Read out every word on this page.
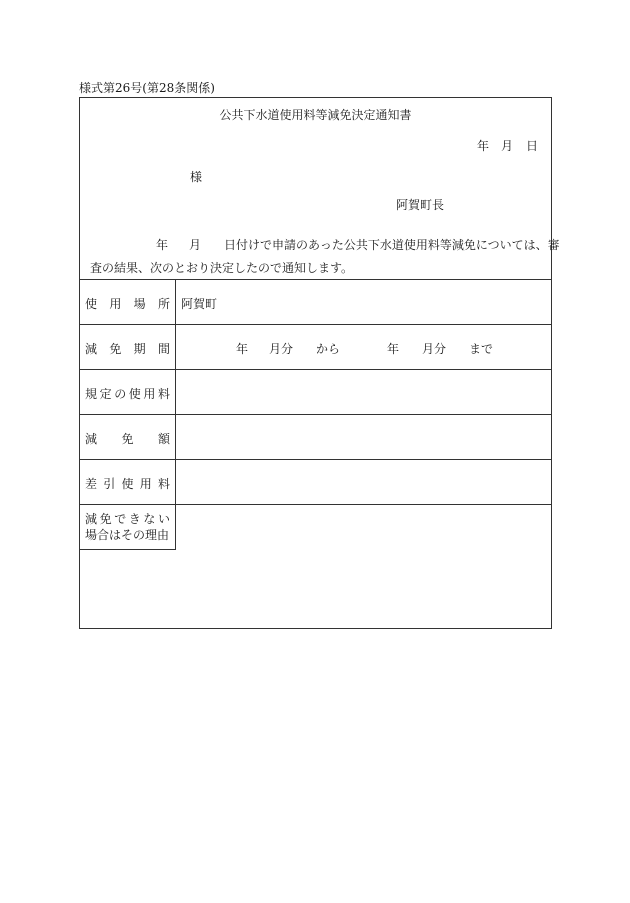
様式第26号(第28条関係)
公共下水道使用料等減免決定通知書
年 月 日
様
阿賀町長
年 月 日付けで申請のあった公共下水道使用料等減免については、審
査の結果、次のとおり決定したので通知します。
使 用 場 所 阿賀町
減 免 期 間	年 月分 から	年 月分 まで
規 定 の 使 用 料
減 免 額
差 引 使 用 料
減 免 で き な い
場合はその理由
